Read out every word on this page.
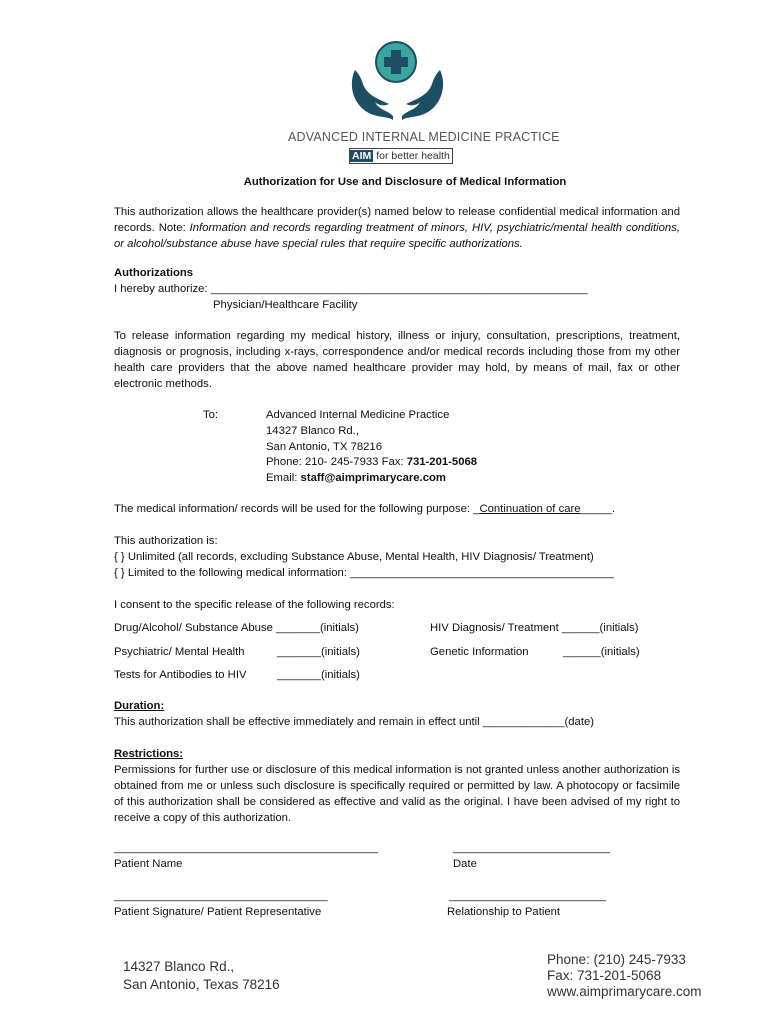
ADVANCED INTERNAL MEDICINE PRACTICE
AIM for better health
Authorization for Use and Disclosure of Medical Information
This authorization allows the healthcare provider(s) named below to release confidential medical information and records. Note: Information and records regarding treatment of minors, HIV, psychiatric/mental health conditions, or alcohol/substance abuse have special rules that require specific authorizations.
Authorizations
I hereby authorize: ____________________________________________________________
Physician/Healthcare Facility
To release information regarding my medical history, illness or injury, consultation, prescriptions, treatment, diagnosis or prognosis, including x-rays, correspondence and/or medical records including those from my other health care providers that the above named healthcare provider may hold, by means of mail, fax or other electronic methods.
To:	Advanced Internal Medicine Practice
14327 Blanco Rd.,
San Antonio, TX 78216
Phone: 210- 245-7933 Fax: 731-201-5068
Email: staff@aimprimarycare.com
The medical information/ records will be used for the following purpose: _Continuation of care_____.
This authorization is:
{ } Unlimited (all records, excluding Substance Abuse, Mental Health, HIV Diagnosis/ Treatment)
{ } Limited to the following medical information: __________________________________________
I consent to the specific release of the following records:
Drug/Alcohol/ Substance Abuse _______(initials)	HIV Diagnosis/ Treatment ______(initials)
Psychiatric/ Mental Health	_______(initials)	Genetic Information	______(initials)
Tests for Antibodies to HIV	_______(initials)
Duration:
This authorization shall be effective immediately and remain in effect until _____________(date)
Restrictions:
Permissions for further use or disclosure of this medical information is not granted unless another authorization is obtained from me or unless such disclosure is specifically required or permitted by law. A photocopy or facsimile of this authorization shall be considered as effective and valid as the original. I have been advised of my right to receive a copy of this authorization.
__________________________________________
Patient Name
_________________________
Date
__________________________________
Patient Signature/ Patient Representative
_________________________
Relationship to Patient
14327 Blanco Rd.,
San Antonio, Texas 78216
Phone: (210) 245-7933
Fax: 731-201-5068
www.aimprimarycare.com
